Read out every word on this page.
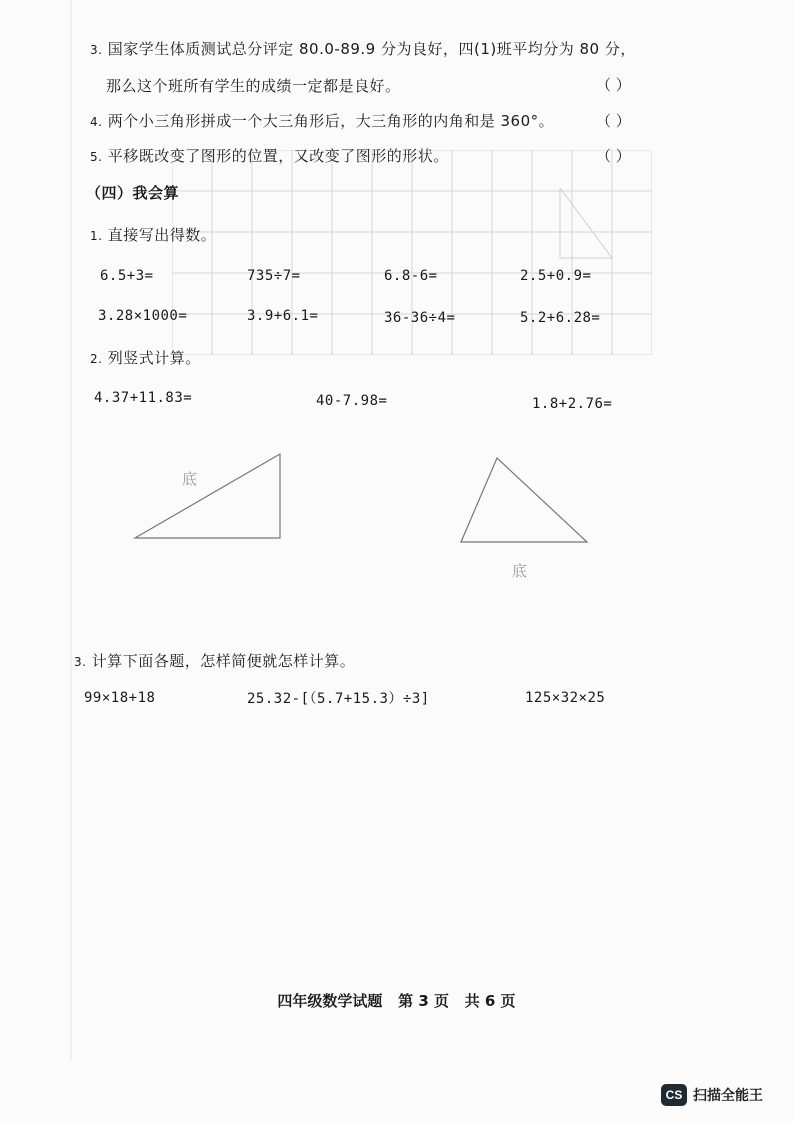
3. 国家学生体质测试总分评定 80.0-89.9 分为良好，四(1)班平均分为 80 分，
那么这个班所有学生的成绩一定都是良好。	（ ）
4. 两个小三角形拼成一个大三角形后，大三角形的内角和是 360°。	（ ）
5. 平移既改变了图形的位置，又改变了图形的形状。	（ ）
（四）我会算
1. 直接写出得数。
6.5+3=	735÷7=	6.8-6=	2.5+0.9=
3.28×1000=	3.9+6.1=	36-36÷4=	5.2+6.28=
2. 列竖式计算。
4.37+11.83=	40-7.98=	1.8+2.76=
底
底
3. 计算下面各题，怎样简便就怎样计算。
99×18+18	25.32-[（5.7+15.3）÷3]	125×32×25
四年级数学试题 第 3 页 共 6 页
CS 扫描全能王
